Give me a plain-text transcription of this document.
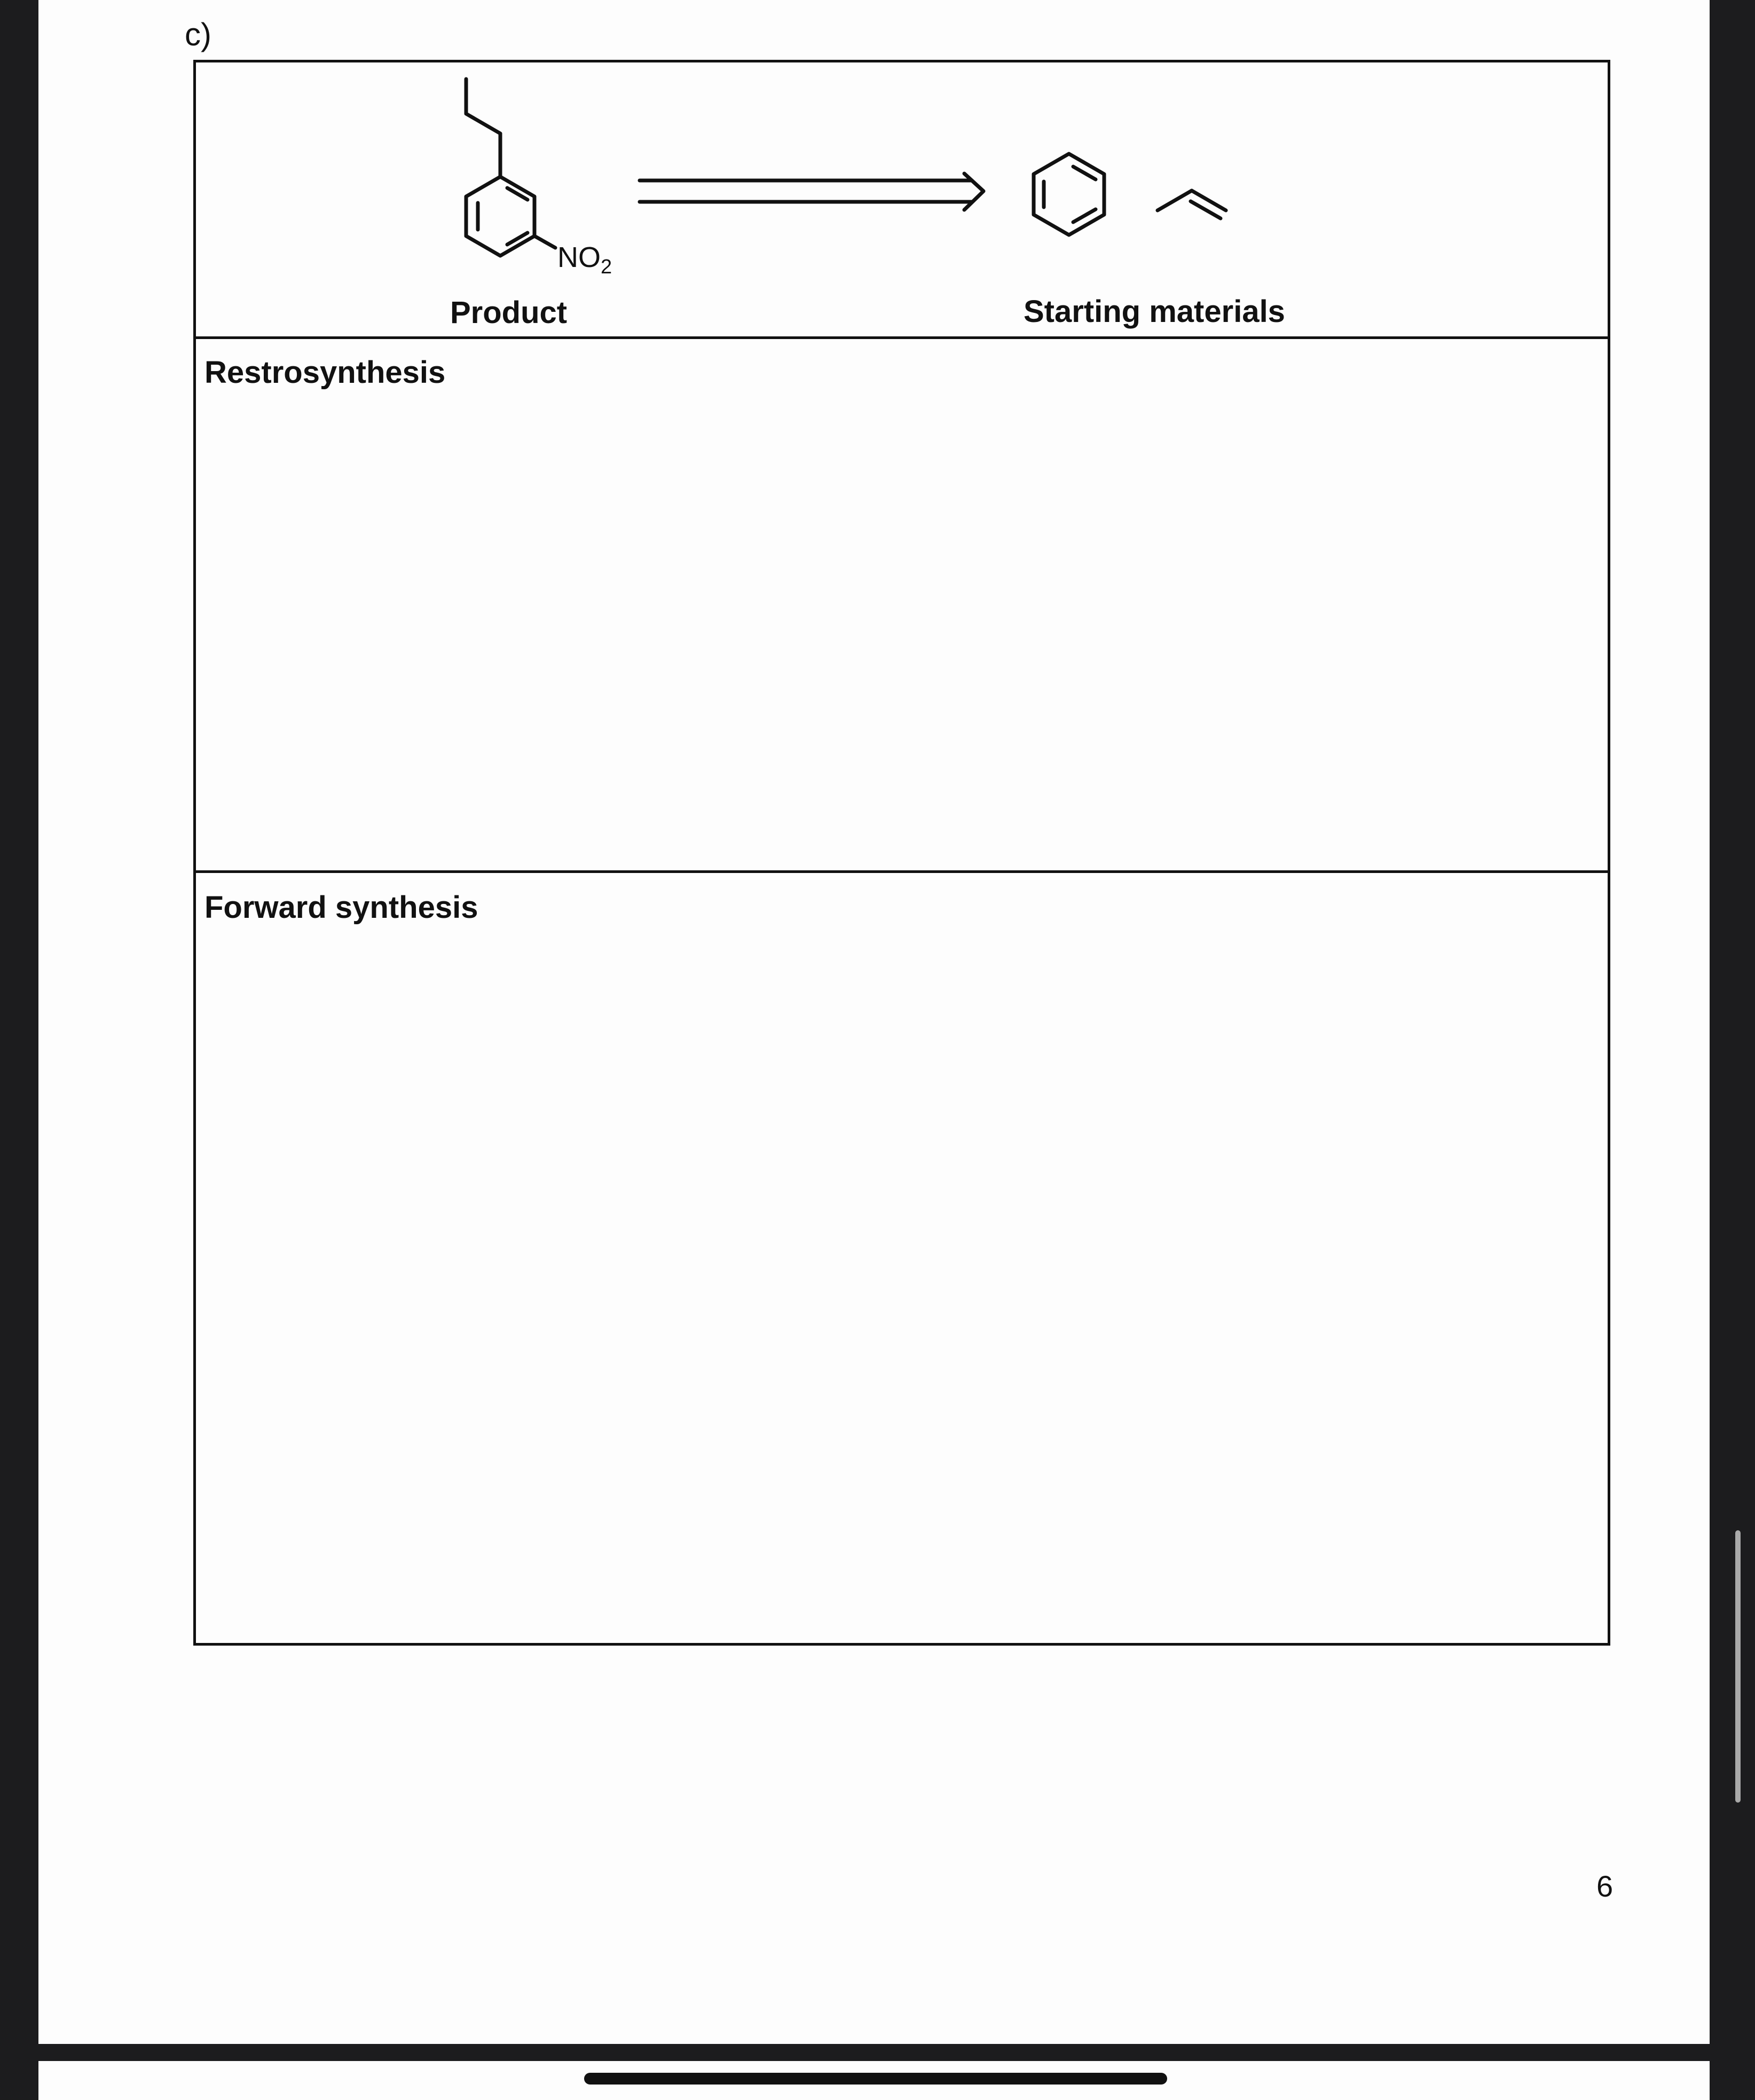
c)
$NO_2$
Product	Starting materials
Restrosynthesis
Forward synthesis
6
